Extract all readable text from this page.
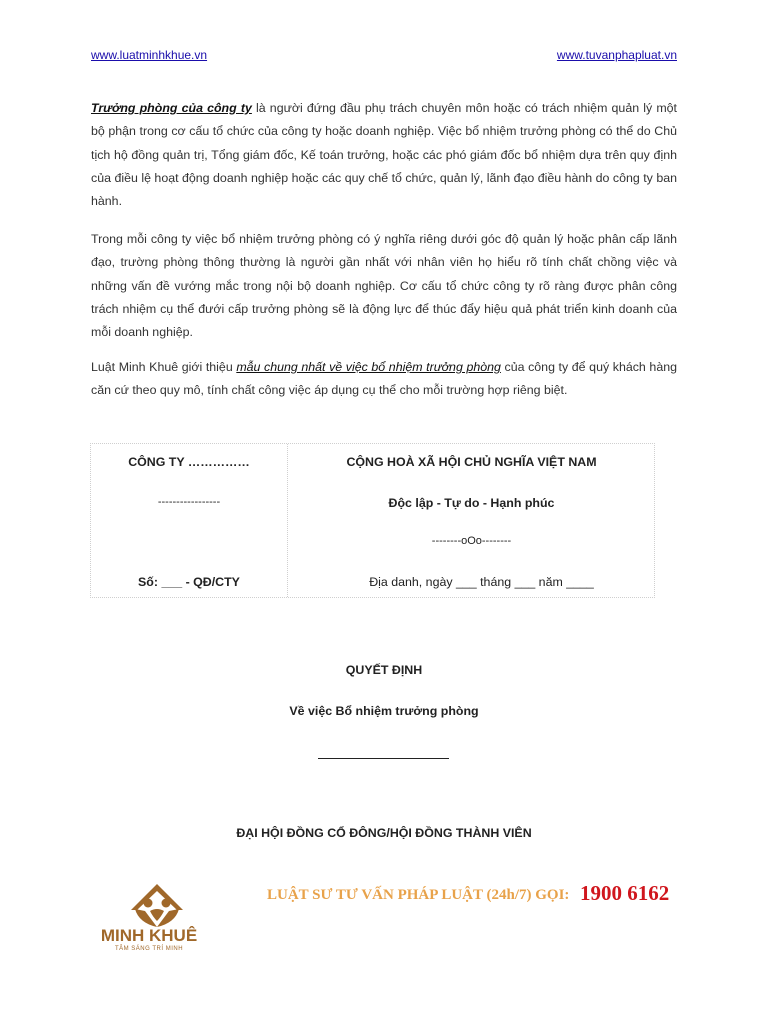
www.luatminhkhue.vn	www.tuvanphapluat.vn

Trưởng phòng của công ty là người đứng đầu phụ trách chuyên môn hoặc có trách nhiệm quản lý một bộ phận trong cơ cấu tổ chức của công ty hoặc doanh nghiệp. Việc bổ nhiệm trưởng phòng có thể do Chủ tịch hộ đồng quản trị, Tổng giám đốc, Kế toán trưởng, hoặc các phó giám đốc bổ nhiệm dựa trên quy định của điều lệ hoạt động doanh nghiệp hoặc các quy chế tổ chức, quản lý, lãnh đạo điều hành do công ty ban hành.

Trong mỗi công ty việc bổ nhiệm trưởng phòng có ý nghĩa riêng dưới góc độ quản lý hoặc phân cấp lãnh đạo, trường phòng thông thường là người gần nhất với nhân viên họ hiểu rõ tính chất chồng việc và những vấn đề vướng mắc trong nội bộ doanh nghiệp. Cơ cấu tổ chức công ty rõ ràng được phân công trách nhiệm cụ thể đưới cấp trưởng phòng sẽ là động lực để thúc đẩy hiệu quả phát triển kinh doanh của mỗi doanh nghiệp.

Luật Minh Khuê giới thiệu mẫu chung nhất về việc bổ nhiệm trưởng phòng của công ty để quý khách hàng căn cứ theo quy mô, tính chất công việc áp dụng cụ thể cho mỗi trường hợp riêng biệt.

CÔNG TY ……………
-----------------
Số: ___ - QĐ/CTY
CỘNG HOÀ XÃ HỘI CHỦ NGHĨA VIỆT NAM
Độc lập - Tự do - Hạnh phúc
--------oOo--------
Địa danh, ngày ___ tháng ___ năm ____
QUYẾT ĐỊNH
Về việc Bổ nhiệm trưởng phòng
ĐẠI HỘI ĐỒNG CỔ ĐÔNG/HỘI ĐỒNG THÀNH VIÊN
MINH KHUÊ
TÂM SÁNG TRÍ MINH
LUẬT SƯ TƯ VẤN PHÁP LUẬT (24h/7) GỌI: 1900 6162
